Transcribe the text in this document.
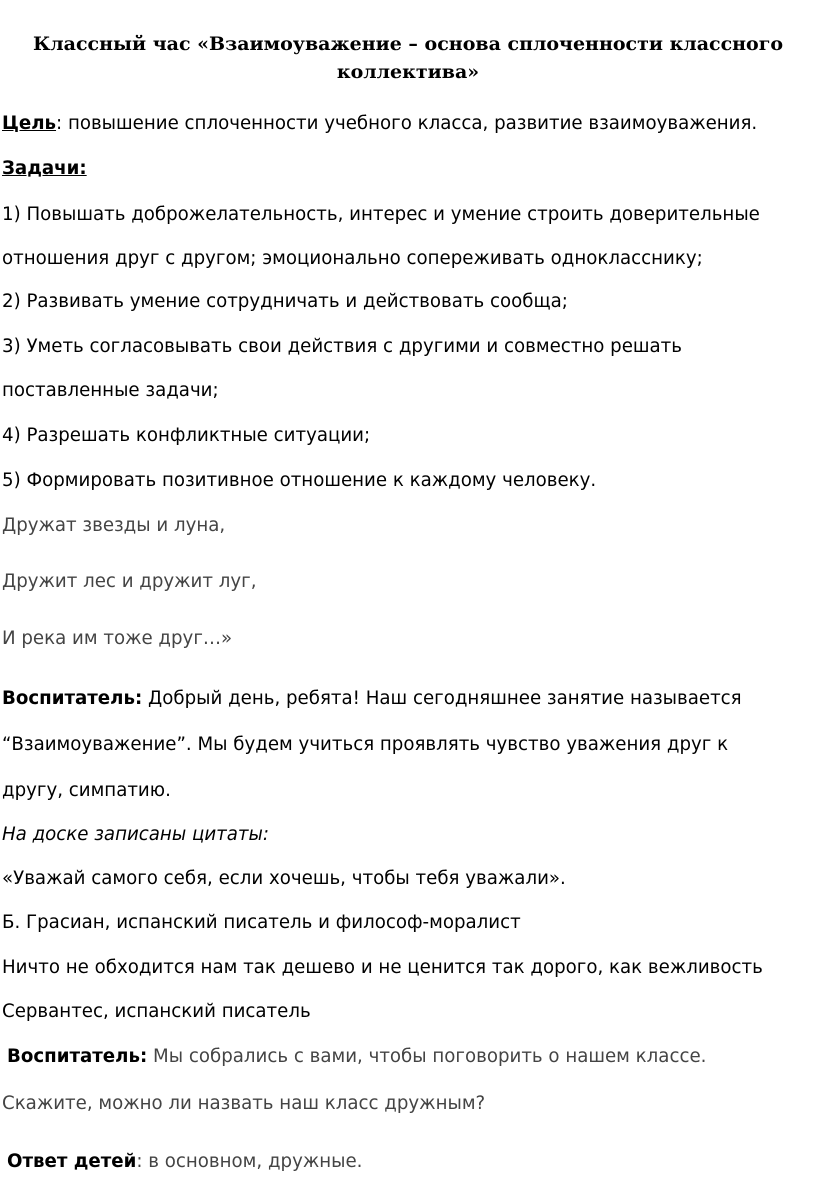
Классный час «Взаимоуважение – основа сплоченности классного коллектива»
Цель: повышение сплоченности учебного класса, развитие взаимоуважения.
Задачи:
1) Повышать доброжелательность, интерес и умение строить доверительные
отношения друг с другом; эмоционально сопереживать однокласснику;
2) Развивать умение сотрудничать и действовать сообща;
3) Уметь согласовывать свои действия с другими и совместно решать
поставленные задачи;
4) Разрешать конфликтные ситуации;
5) Формировать позитивное отношение к каждому человеку.
Дружат звезды и луна,
Дружит лес и дружит луг,
И река им тоже друг…»
Воспитатель: Добрый день, ребята! Наш сегодняшнее занятие называется
“Взаимоуважение”. Мы будем учиться проявлять чувство уважения друг к
другу, симпатию.
На доске записаны цитаты:
«Уважай самого себя, если хочешь, чтобы тебя уважали».
Б. Грасиан, испанский писатель и философ-моралист
Ничто не обходится нам так дешево и не ценится так дорого, как вежливость
Сервантес, испанский писатель
Воспитатель: Мы собрались с вами, чтобы поговорить о нашем классе.
Скажите, можно ли назвать наш класс дружным?
Ответ детей: в основном, дружные.
